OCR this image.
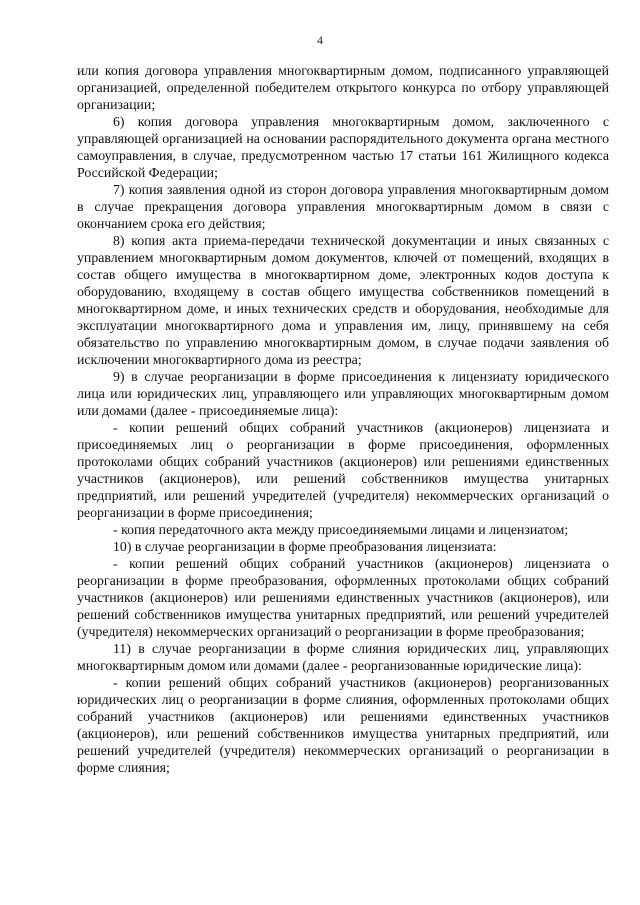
4

или копия договора управления многоквартирным домом, подписанного управляющей организацией, определенной победителем открытого конкурса по отбору управляющей организации;

6) копия договора управления многоквартирным домом, заключенного с управляющей организацией на основании распорядительного документа органа местного самоуправления, в случае, предусмотренном частью 17 статьи 161 Жилищного кодекса Российской Федерации;

7) копия заявления одной из сторон договора управления многоквартирным домом в случае прекращения договора управления многоквартирным домом в связи с окончанием срока его действия;

8) копия акта приема-передачи технической документации и иных связанных с управлением многоквартирным домом документов, ключей от помещений, входящих в состав общего имущества в многоквартирном доме, электронных кодов доступа к оборудованию, входящему в состав общего имущества собственников помещений в многоквартирном доме, и иных технических средств и оборудования, необходимые для эксплуатации многоквартирного дома и управления им, лицу, принявшему на себя обязательство по управлению многоквартирным домом, в случае подачи заявления об исключении многоквартирного дома из реестра;

9) в случае реорганизации в форме присоединения к лицензиату юридического лица или юридических лиц, управляющего или управляющих многоквартирным домом или домами (далее - присоединяемые лица):

- копии решений общих собраний участников (акционеров) лицензиата и присоединяемых лиц о реорганизации в форме присоединения, оформленных протоколами общих собраний участников (акционеров) или решениями единственных участников (акционеров), или решений собственников имущества унитарных предприятий, или решений учредителей (учредителя) некоммерческих организаций о реорганизации в форме присоединения;

- копия передаточного акта между присоединяемыми лицами и лицензиатом;

10) в случае реорганизации в форме преобразования лицензиата:

- копии решений общих собраний участников (акционеров) лицензиата о реорганизации в форме преобразования, оформленных протоколами общих собраний участников (акционеров) или решениями единственных участников (акционеров), или решений собственников имущества унитарных предприятий, или решений учредителей (учредителя) некоммерческих организаций о реорганизации в форме преобразования;

11) в случае реорганизации в форме слияния юридических лиц, управляющих многоквартирным домом или домами (далее - реорганизованные юридические лица):

- копии решений общих собраний участников (акционеров) реорганизованных юридических лиц о реорганизации в форме слияния, оформленных протоколами общих собраний участников (акционеров) или решениями единственных участников (акционеров), или решений собственников имущества унитарных предприятий, или решений учредителей (учредителя) некоммерческих организаций о реорганизации в форме слияния;
